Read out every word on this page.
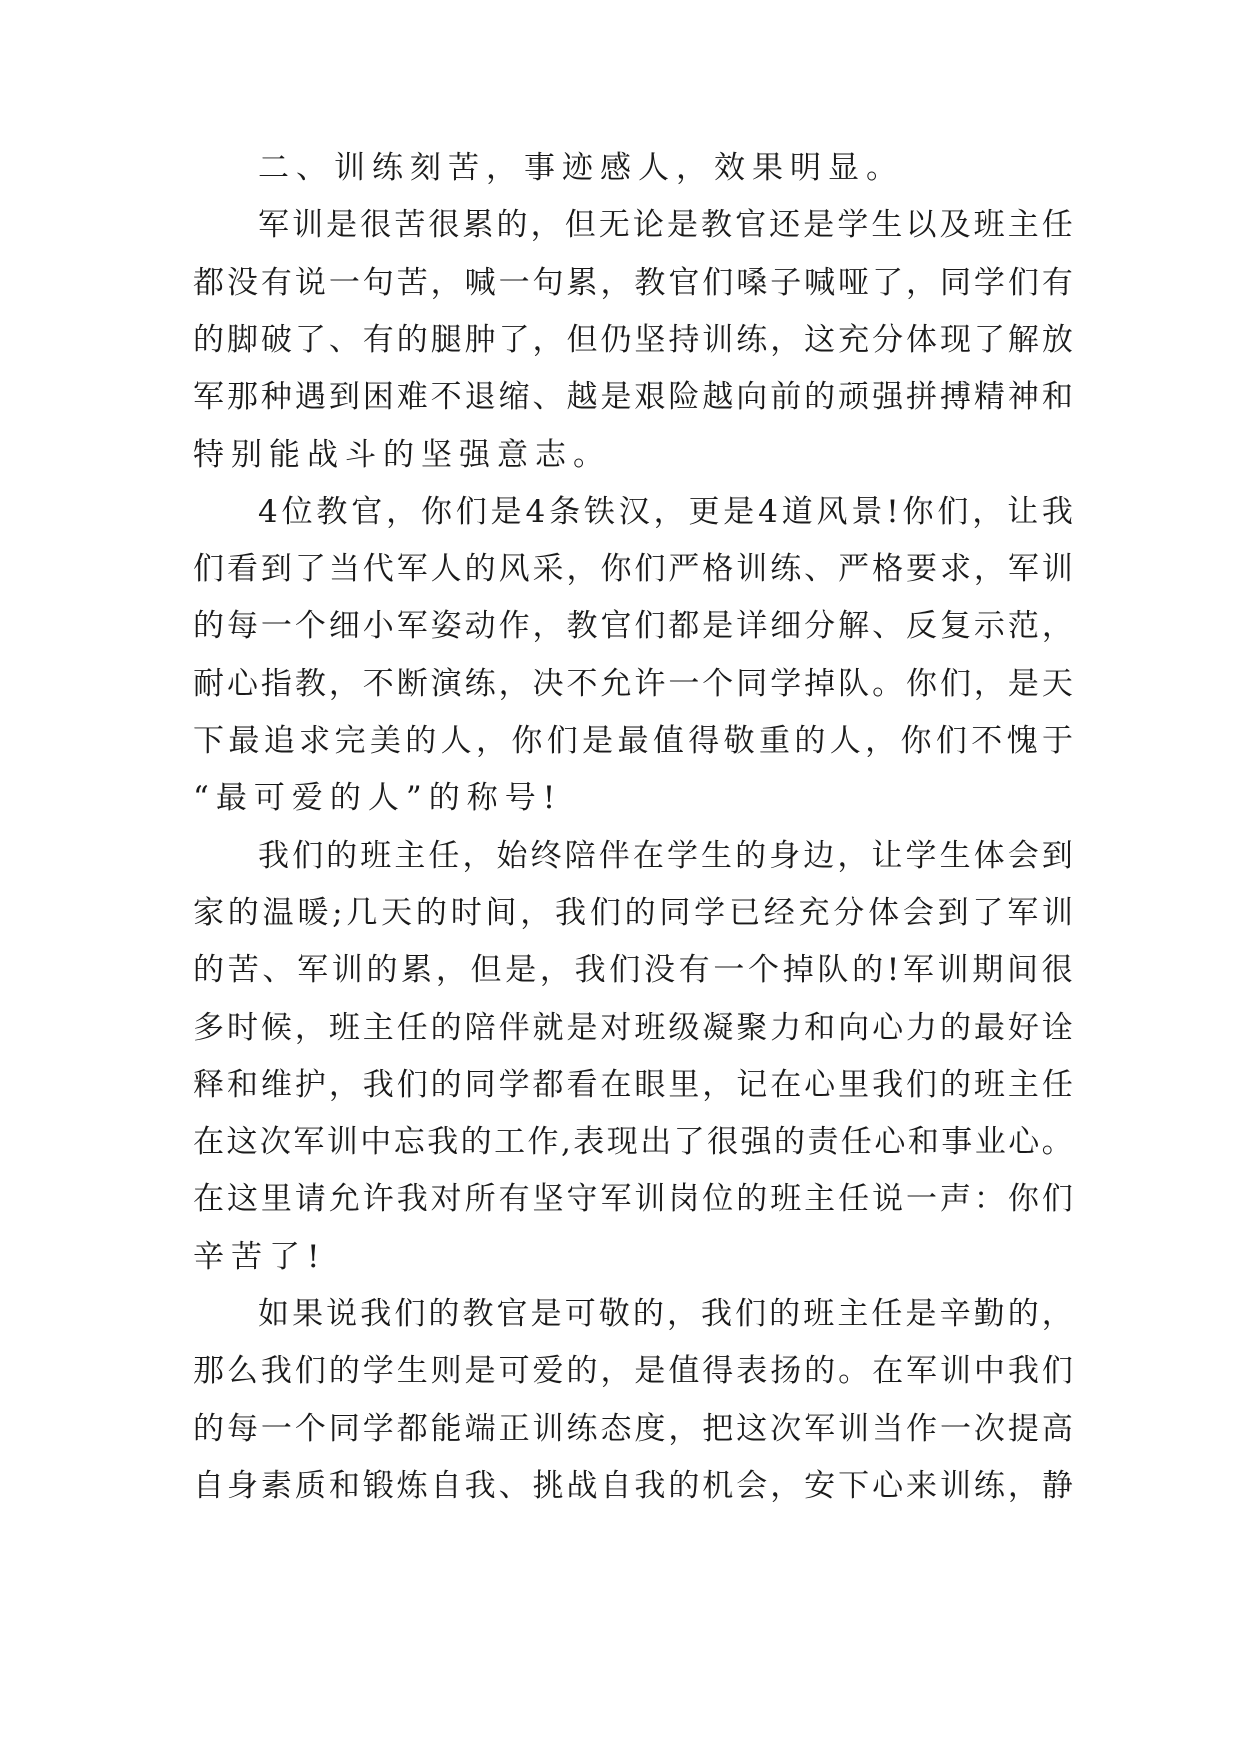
二 、 训 练 刻 苦 ， 事 迹 感 人 ， 效 果 明 显 。
军 训 是 很 苦 很 累 的 ， 但 无 论 是 教 官 还 是 学 生 以 及 班 主 任
都 没 有 说 一 句 苦 ， 喊 一 句 累 ， 教 官 们 嗓 子 喊 哑 了 ， 同 学 们 有
的 脚 破 了 、 有 的 腿 肿 了 ， 但 仍 坚 持 训 练 ， 这 充 分 体 现 了 解 放
军 那 种 遇 到 困 难 不 退 缩 、 越 是 艰 险 越 向 前 的 顽 强 拼 搏 精 神 和
特 别 能 战 斗 的 坚 强 意 志 。
4 位 教 官 ， 你 们 是 4 条 铁 汉 ， 更 是 4 道 风 景 ! 你 们 ， 让 我
们 看 到 了 当 代 军 人 的 风 采 ， 你 们 严 格 训 练 、 严 格 要 求 ， 军 训
的 每 一 个 细 小 军 姿 动 作 ， 教 官 们 都 是 详 细 分 解 、 反 复 示 范 ，
耐 心 指 教 ， 不 断 演 练 ， 决 不 允 许 一 个 同 学 掉 队 。 你 们 ， 是 天
下 最 追 求 完 美 的 人 ， 你 们 是 最 值 得 敬 重 的 人 ， 你 们 不 愧 于
“ 最 可 爱 的 人 ” 的 称 号 !
我 们 的 班 主 任 ， 始 终 陪 伴 在 学 生 的 身 边 ， 让 学 生 体 会 到
家 的 温 暖 ; 几 天 的 时 间 ， 我 们 的 同 学 已 经 充 分 体 会 到 了 军 训
的 苦 、 军 训 的 累 ， 但 是 ， 我 们 没 有 一 个 掉 队 的 ! 军 训 期 间 很
多 时 候 ， 班 主 任 的 陪 伴 就 是 对 班 级 凝 聚 力 和 向 心 力 的 最 好 诠
释 和 维 护 ， 我 们 的 同 学 都 看 在 眼 里 ， 记 在 心 里 我 们 的 班 主 任
在 这 次 军 训 中 忘 我 的 工 作 , 表 现 出 了 很 强 的 责 任 心 和 事 业 心 。
在 这 里 请 允 许 我 对 所 有 坚 守 军 训 岗 位 的 班 主 任 说 一 声 ： 你 们
辛 苦 了 !
如 果 说 我 们 的 教 官 是 可 敬 的 ， 我 们 的 班 主 任 是 辛 勤 的 ，
那 么 我 们 的 学 生 则 是 可 爱 的 ， 是 值 得 表 扬 的 。 在 军 训 中 我 们
的 每 一 个 同 学 都 能 端 正 训 练 态 度 ， 把 这 次 军 训 当 作 一 次 提 高
自 身 素 质 和 锻 炼 自 我 、 挑 战 自 我 的 机 会 ， 安 下 心 来 训 练 ， 静
